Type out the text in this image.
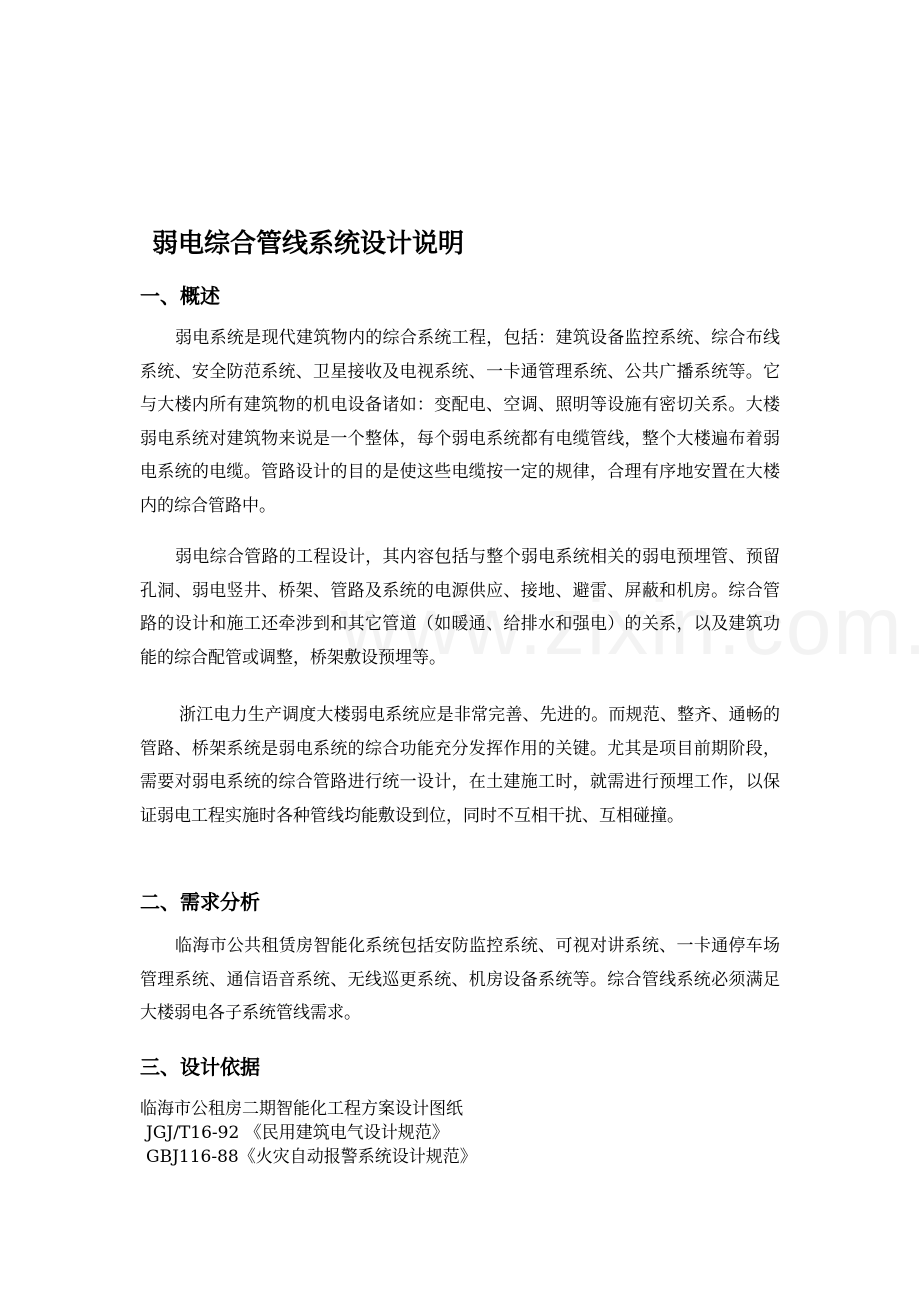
弱电综合管线系统设计说明
一、概述

弱电系统是现代建筑物内的综合系统工程，包括：建筑设备监控系统、综合布线系统、安全防范系统、卫星接收及电视系统、一卡通管理系统、公共广播系统等。它与大楼内所有建筑物的机电设备诸如：变配电、空调、照明等设施有密切关系。大楼弱电系统对建筑物来说是一个整体，每个弱电系统都有电缆管线，整个大楼遍布着弱电系统的电缆。管路设计的目的是使这些电缆按一定的规律，合理有序地安置在大楼内的综合管路中。

弱电综合管路的工程设计，其内容包括与整个弱电系统相关的弱电预埋管、预留孔洞、弱电竖井、桥架、管路及系统的电源供应、接地、避雷、屏蔽和机房。综合管路的设计和施工还牵涉到和其它管道（如暖通、给排水和强电）的关系，以及建筑功能的综合配管或调整，桥架敷设预埋等。

浙江电力生产调度大楼弱电系统应是非常完善、先进的。而规范、整齐、通畅的管路、桥架系统是弱电系统的综合功能充分发挥作用的关键。尤其是项目前期阶段，需要对弱电系统的综合管路进行统一设计，在土建施工时，就需进行预埋工作，以保证弱电工程实施时各种管线均能敷设到位，同时不互相干扰、互相碰撞。

二、需求分析

临海市公共租赁房智能化系统包括安防监控系统、可视对讲系统、一卡通停车场管理系统、通信语音系统、无线巡更系统、机房设备系统等。综合管线系统必须满足大楼弱电各子系统管线需求。

三、设计依据
临海市公租房二期智能化工程方案设计图纸
JGJ/T16-92 《民用建筑电气设计规范》
GBJ116-88《火灾自动报警系统设计规范》
